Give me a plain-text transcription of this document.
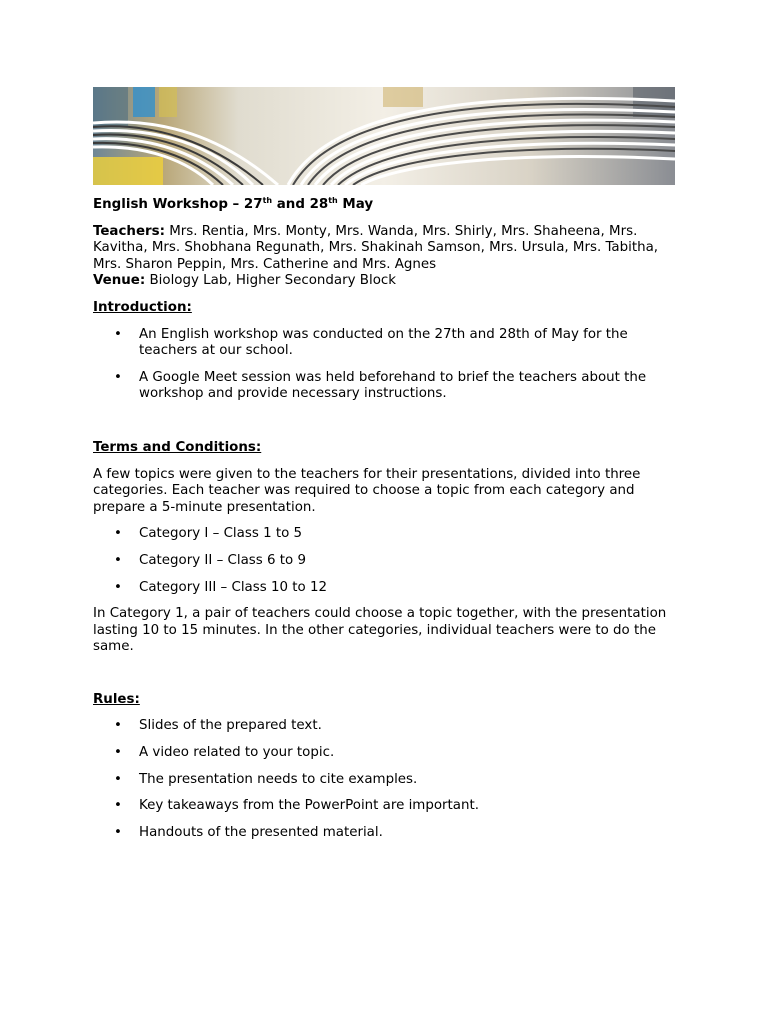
English Workshop – 27th and 28th May

Teachers: Mrs. Rentia, Mrs. Monty, Mrs. Wanda, Mrs. Shirly, Mrs. Shaheena, Mrs. Kavitha, Mrs. Shobhana Regunath, Mrs. Shakinah Samson, Mrs. Ursula, Mrs. Tabitha, Mrs. Sharon Peppin, Mrs. Catherine and Mrs. Agnes

Venue: Biology Lab, Higher Secondary Block

Introduction:

• An English workshop was conducted on the 27th and 28th of May for the teachers at our school.
• A Google Meet session was held beforehand to brief the teachers about the workshop and provide necessary instructions.

Terms and Conditions:

A few topics were given to the teachers for their presentations, divided into three categories. Each teacher was required to choose a topic from each category and prepare a 5-minute presentation.

• Category I – Class 1 to 5
• Category II – Class 6 to 9
• Category III – Class 10 to 12

In Category 1, a pair of teachers could choose a topic together, with the presentation lasting 10 to 15 minutes. In the other categories, individual teachers were to do the same.

Rules:

• Slides of the prepared text.
• A video related to your topic.
• The presentation needs to cite examples.
• Key takeaways from the PowerPoint are important.
• Handouts of the presented material.
